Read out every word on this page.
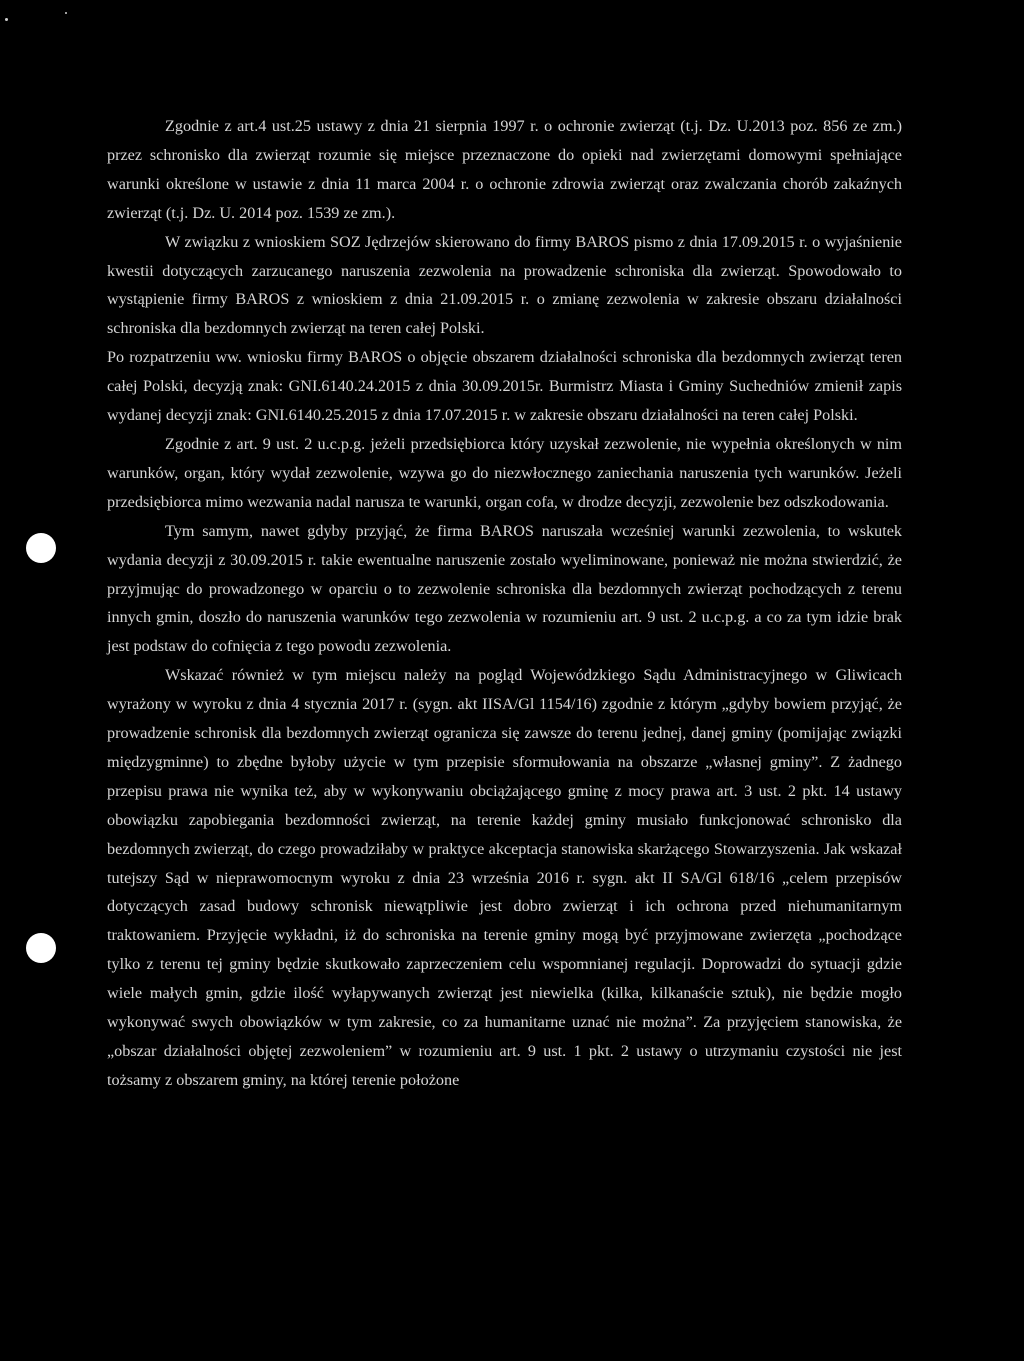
Zgodnie z art.4 ust.25 ustawy z dnia 21 sierpnia 1997 r. o ochronie zwierząt (t.j. Dz. U.2013 poz. 856 ze zm.) przez schronisko dla zwierząt rozumie się miejsce przeznaczone do opieki nad zwierzętami domowymi spełniające warunki określone w ustawie z dnia 11 marca 2004 r. o ochronie zdrowia zwierząt oraz zwalczania chorób zakaźnych zwierząt (t.j. Dz. U. 2014 poz. 1539 ze zm.).

W związku z wnioskiem SOZ Jędrzejów skierowano do firmy BAROS pismo z dnia 17.09.2015 r. o wyjaśnienie kwestii dotyczących zarzucanego naruszenia zezwolenia na prowadzenie schroniska dla zwierząt. Spowodowało to wystąpienie firmy BAROS z wnioskiem z dnia 21.09.2015 r. o zmianę zezwolenia w zakresie obszaru działalności schroniska dla bezdomnych zwierząt na teren całej Polski.

Po rozpatrzeniu ww. wniosku firmy BAROS o objęcie obszarem działalności schroniska dla bezdomnych zwierząt teren całej Polski, decyzją znak: GNI.6140.24.2015 z dnia 30.09.2015r. Burmistrz Miasta i Gminy Suchedniów zmienił zapis wydanej decyzji znak: GNI.6140.25.2015 z dnia 17.07.2015 r. w zakresie obszaru działalności na teren całej Polski.

Zgodnie z art. 9 ust. 2 u.c.p.g. jeżeli przedsiębiorca który uzyskał zezwolenie, nie wypełnia określonych w nim warunków, organ, który wydał zezwolenie, wzywa go do niezwłocznego zaniechania naruszenia tych warunków. Jeżeli przedsiębiorca mimo wezwania nadal narusza te warunki, organ cofa, w drodze decyzji, zezwolenie bez odszkodowania.

Tym samym, nawet gdyby przyjąć, że firma BAROS naruszała wcześniej warunki zezwolenia, to wskutek wydania decyzji z 30.09.2015 r. takie ewentualne naruszenie zostało wyeliminowane, ponieważ nie można stwierdzić, że przyjmując do prowadzonego w oparciu o to zezwolenie schroniska dla bezdomnych zwierząt pochodzących z terenu innych gmin, doszło do naruszenia warunków tego zezwolenia w rozumieniu art. 9 ust. 2 u.c.p.g. a co za tym idzie brak jest podstaw do cofnięcia z tego powodu zezwolenia.

Wskazać również w tym miejscu należy na pogląd Wojewódzkiego Sądu Administracyjnego w Gliwicach wyrażony w wyroku z dnia 4 stycznia 2017 r. (sygn. akt IISA/Gl 1154/16) zgodnie z którym „gdyby bowiem przyjąć, że prowadzenie schronisk dla bezdomnych zwierząt ogranicza się zawsze do terenu jednej, danej gminy (pomijając związki międzygminne) to zbędne byłoby użycie w tym przepisie sformułowania na obszarze „własnej gminy”. Z żadnego przepisu prawa nie wynika też, aby w wykonywaniu obciążającego gminę z mocy prawa art. 3 ust. 2 pkt. 14 ustawy obowiązku zapobiegania bezdomności zwierząt, na terenie każdej gminy musiało funkcjonować schronisko dla bezdomnych zwierząt, do czego prowadziłaby w praktyce akceptacja stanowiska skarżącego Stowarzyszenia. Jak wskazał tutejszy Sąd w nieprawomocnym wyroku z dnia 23 września 2016 r. sygn. akt II SA/Gl 618/16 „celem przepisów dotyczących zasad budowy schronisk niewątpliwie jest dobro zwierząt i ich ochrona przed niehumanitarnym traktowaniem. Przyjęcie wykładni, iż do schroniska na terenie gminy mogą być przyjmowane zwierzęta „pochodzące tylko z terenu tej gminy będzie skutkowało zaprzeczeniem celu wspomnianej regulacji. Doprowadzi do sytuacji gdzie wiele małych gmin, gdzie ilość wyłapywanych zwierząt jest niewielka (kilka, kilkanaście sztuk), nie będzie mogło wykonywać swych obowiązków w tym zakresie, co za humanitarne uznać nie można”. Za przyjęciem stanowiska, że „obszar działalności objętej zezwoleniem” w rozumieniu art. 9 ust. 1 pkt. 2 ustawy o utrzymaniu czystości nie jest tożsamy z obszarem gminy, na której terenie położone
